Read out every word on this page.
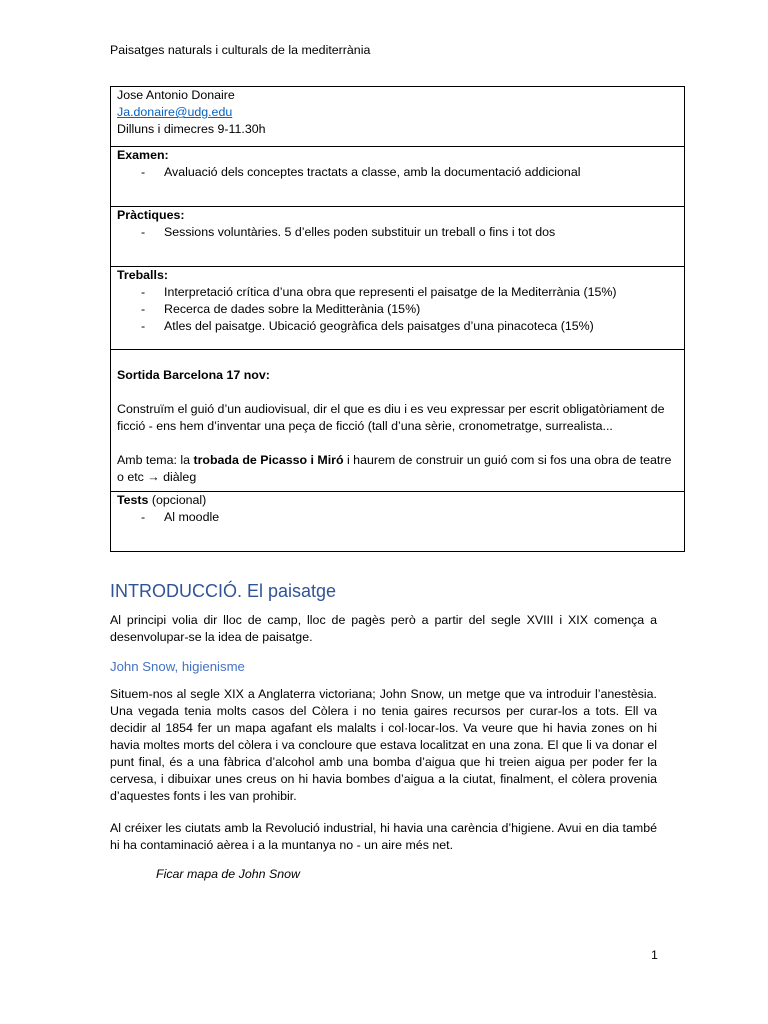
Paisatges naturals i culturals de la mediterrània
Jose Antonio Donaire
Ja.donaire@udg.edu
Dilluns i dimecres 9-11.30h

Examen:
- Avaluació dels conceptes tractats a classe, amb la documentació addicional

Pràctiques:
- Sessions voluntàries. 5 d’elles poden substituir un treball o fins i tot dos

Treballs:
- Interpretació crítica d’una obra que representi el paisatge de la Mediterrània (15%)
- Recerca de dades sobre la Meditterània (15%)
- Atles del paisatge. Ubicació geogràfica dels paisatges d’una pinacoteca (15%)

Sortida Barcelona 17 nov:
Construïm el guió d’un audiovisual, dir el que es diu i es veu expressar per escrit obligatòriament de ficció - ens hem d’inventar una peça de ficció (tall d’una sèrie, cronometratge, surrealista...
Amb tema: la trobada de Picasso i Miró i haurem de construir un guió com si fos una obra de teatre o etc → diàleg

Tests (opcional)
- Al moodle
INTRODUCCIÓ. El paisatge
Al principi volia dir lloc de camp, lloc de pagès però a partir del segle XVIII i XIX comença a desenvolupar-se la idea de paisatge.
John Snow, higienisme
Situem-nos al segle XIX a Anglaterra victoriana; John Snow, un metge que va introduir l’anestèsia. Una vegada tenia molts casos del Còlera i no tenia gaires recursos per curar-los a tots. Ell va decidir al 1854 fer un mapa agafant els malalts i col·locar-los. Va veure que hi havia zones on hi havia moltes morts del còlera i va concloure que estava localitzat en una zona. El que li va donar el punt final, és a una fàbrica d’alcohol amb una bomba d’aigua que hi treien aigua per poder fer la cervesa, i dibuixar unes creus on hi havia bombes d’aigua a la ciutat, finalment, el còlera provenia d’aquestes fonts i les van prohibir.
Al créixer les ciutats amb la Revolució industrial, hi havia una carència d’higiene. Avui en dia també hi ha contaminació aèrea i a la muntanya no - un aire més net.
Ficar mapa de John Snow
1
